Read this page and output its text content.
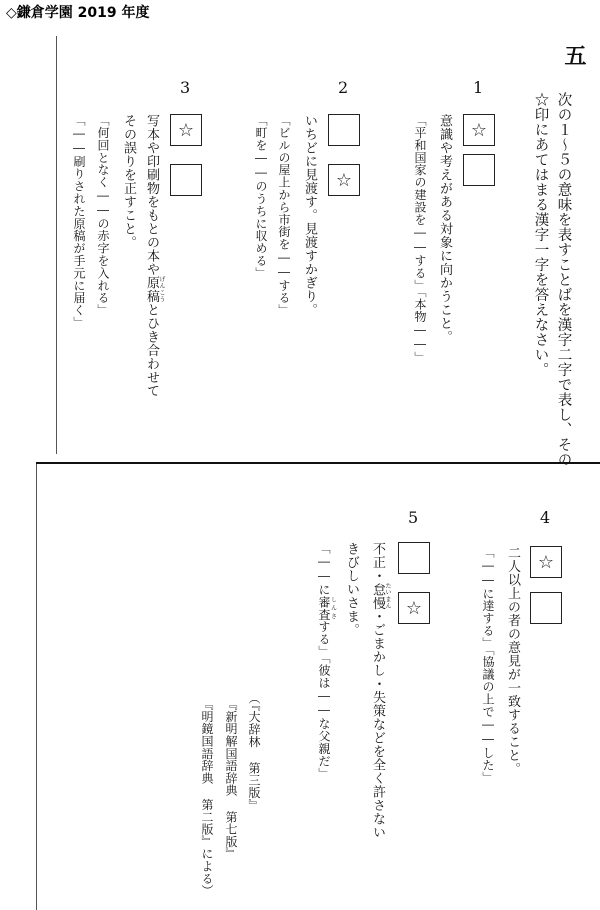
◇鎌倉学園 2019 年度
五
次の１～５の意味を表すことばを漢字二字で表し、その
☆印にあてはまる漢字一字を答えなさい。
1
☆
意識や考えがある対象に向かうこと。
「平和国家の建設を――する」「本物――」
2
☆
いちどに見渡す。見渡すかぎり。
「ビルの屋上から市街を――する」
「町を――のうちに収める」
3
☆
写本や印刷物をもとの本や原稿 げんこうとひき合わせて
その誤りを正すこと。
「何回となく――の赤字を入れる」
「――刷りされた原稿が手元に届く」
4
☆
二人以上の者の意見が一致すること。
「――に達する」「協議の上で――した」
5
☆
不正・怠慢 たいまん・ごまかし・失策などを全く許さない
きびしいさま。
「――に審査しんさする」「彼は――な父親だ」
（『大辞林 第三版』
『新明解国語辞典 第七版』
『明鏡国語辞典 第二版』による）
